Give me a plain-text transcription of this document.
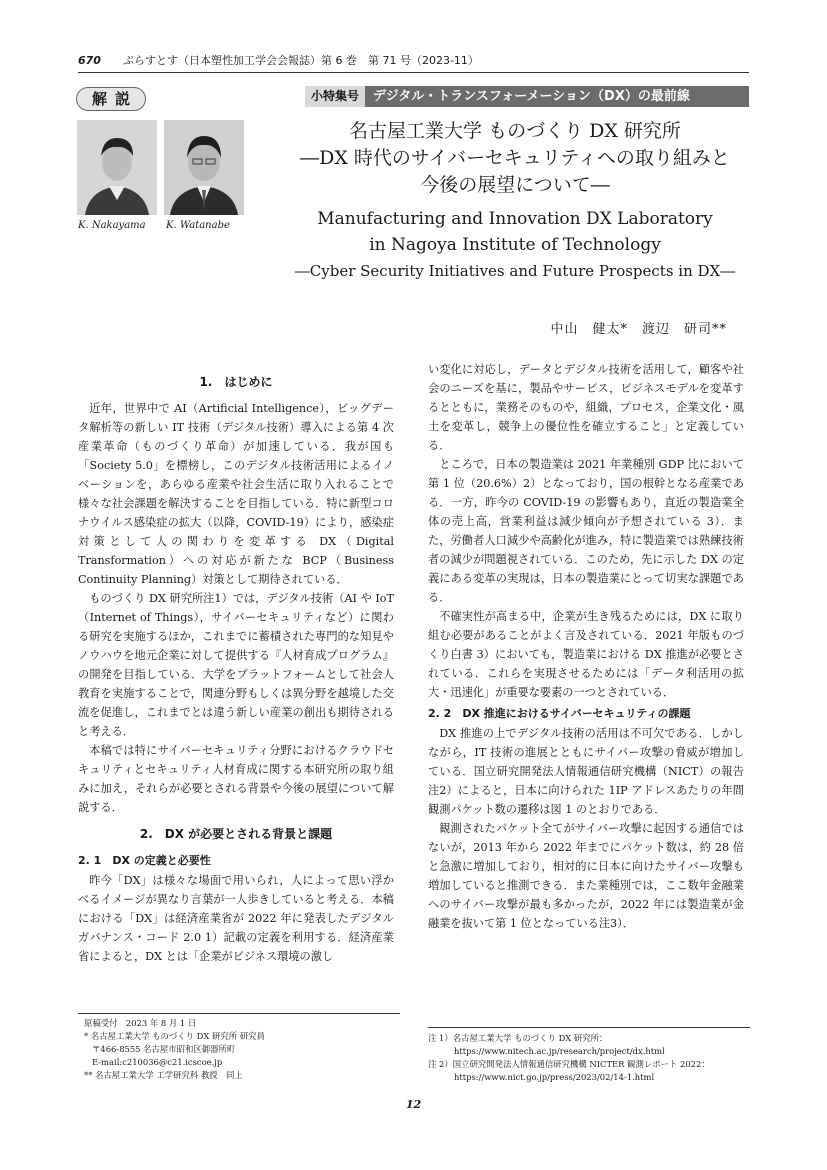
670 ぷらすとす（日本塑性加工学会会報誌）第 6 巻　第 71 号（2023-11）
解説	小特集号	デジタル・トランスフォーメーション（DX）の最前線
K. Nakayama	K. Watanabe
名古屋工業大学 ものづくり DX 研究所
―DX 時代のサイバーセキュリティへの取り組みと
今後の展望について―
Manufacturing and Innovation DX Laboratory
in Nagoya Institute of Technology
―Cyber Security Initiatives and Future Prospects in DX―
中山　健太*　渡辺　研司**
1.　はじめに

近年，世界中で AI（Artificial Intelligence），ビッグデータ解析等の新しい IT 技術（デジタル技術）導入による第 4 次産業革命（ものづくり革命）が加速している．我が国も「Society 5.0」を標榜し，このデジタル技術活用によるイノベーションを，あらゆる産業や社会生活に取り入れることで様々な社会課題を解決することを目指している．特に新型コロナウイルス感染症の拡大（以降，COVID-19）により，感染症対策として人の関わりを変革する DX（Digital Transformation）への対応が新たな BCP（Business Continuity Planning）対策として期待されている．

ものづくり DX 研究所注1）では，デジタル技術（AI や IoT（Internet of Things），サイバーセキュリティなど）に関わる研究を実施するほか，これまでに蓄積された専門的な知見やノウハウを地元企業に対して提供する『人材育成プログラム』の開発を目指している．大学をプラットフォームとして社会人教育を実施することで，関連分野もしくは異分野を越境した交流を促進し，これまでとは違う新しい産業の創出も期待されると考える．

本稿では特にサイバーセキュリティ分野におけるクラウドセキュリティとセキュリティ人材育成に関する本研究所の取り組みに加え，それらが必要とされる背景や今後の展望について解説する．

2.　DX が必要とされる背景と課題
2. 1　DX の定義と必要性

昨今「DX」は様々な場面で用いられ，人によって思い浮かべるイメージが異なり言葉が一人歩きしていると考える．本稿における「DX」は経済産業省が 2022 年に発表したデジタルガバナンス・コード 2.0 1）記載の定義を利用する．経済産業省によると，DX とは「企業がビジネス環境の激し

い変化に対応し，データとデジタル技術を活用して，顧客や社会のニーズを基に，製品やサービス，ビジネスモデルを変革するとともに，業務そのものや，組織，プロセス，企業文化・風土を変革し，競争上の優位性を確立すること」と定義している．

ところで，日本の製造業は 2021 年業種別 GDP 比において第 1 位（20.6%）2）となっており，国の根幹となる産業である．一方，昨今の COVID-19 の影響もあり，直近の製造業全体の売上高，営業利益は減少傾向が予想されている 3）．また，労働者人口減少や高齢化が進み，特に製造業では熟練技術者の減少が問題視されている．このため，先に示した DX の定義にある変革の実現は，日本の製造業にとって切実な課題である．

不確実性が高まる中，企業が生き残るためには，DX に取り組む必要があることがよく言及されている．2021 年版ものづくり白書 3）においても，製造業における DX 推進が必要とされている．これらを実現させるためには「データ利活用の拡大・迅速化」が重要な要素の一つとされている．

2. 2　DX 推進におけるサイバーセキュリティの課題

DX 推進の上でデジタル技術の活用は不可欠である．しかしながら，IT 技術の進展とともにサイバー攻撃の脅威が増加している．国立研究開発法人情報通信研究機構（NICT）の報告注2）によると，日本に向けられた 1IP アドレスあたりの年間観測パケット数の遷移は図 1 のとおりである．

観測されたパケット全てがサイバー攻撃に起因する通信ではないが，2013 年から 2022 年までにパケット数は，約 28 倍と急激に増加しており，相対的に日本に向けたサイバー攻撃も増加していると推測できる．また業種別では，ここ数年金融業へのサイバー攻撃が最も多かったが，2022 年には製造業が金融業を抜いて第 1 位となっている注3）．

原稿受付　2023 年 8 月 1 日
* 名古屋工業大学 ものづくり DX 研究所 研究員
〒466-8555 名古屋市昭和区御器所町
E-mail:c210036@c21.icscoe.jp
** 名古屋工業大学 工学研究科 教授　同上
注 1）名古屋工業大学 ものづくり DX 研究所：
https://www.nitech.ac.jp/research/project/dx.html
注 2）国立研究開発法人情報通信研究機構 NICTER 観測レポート 2022：
https://www.nict.go.jp/press/2023/02/14-1.html
12
